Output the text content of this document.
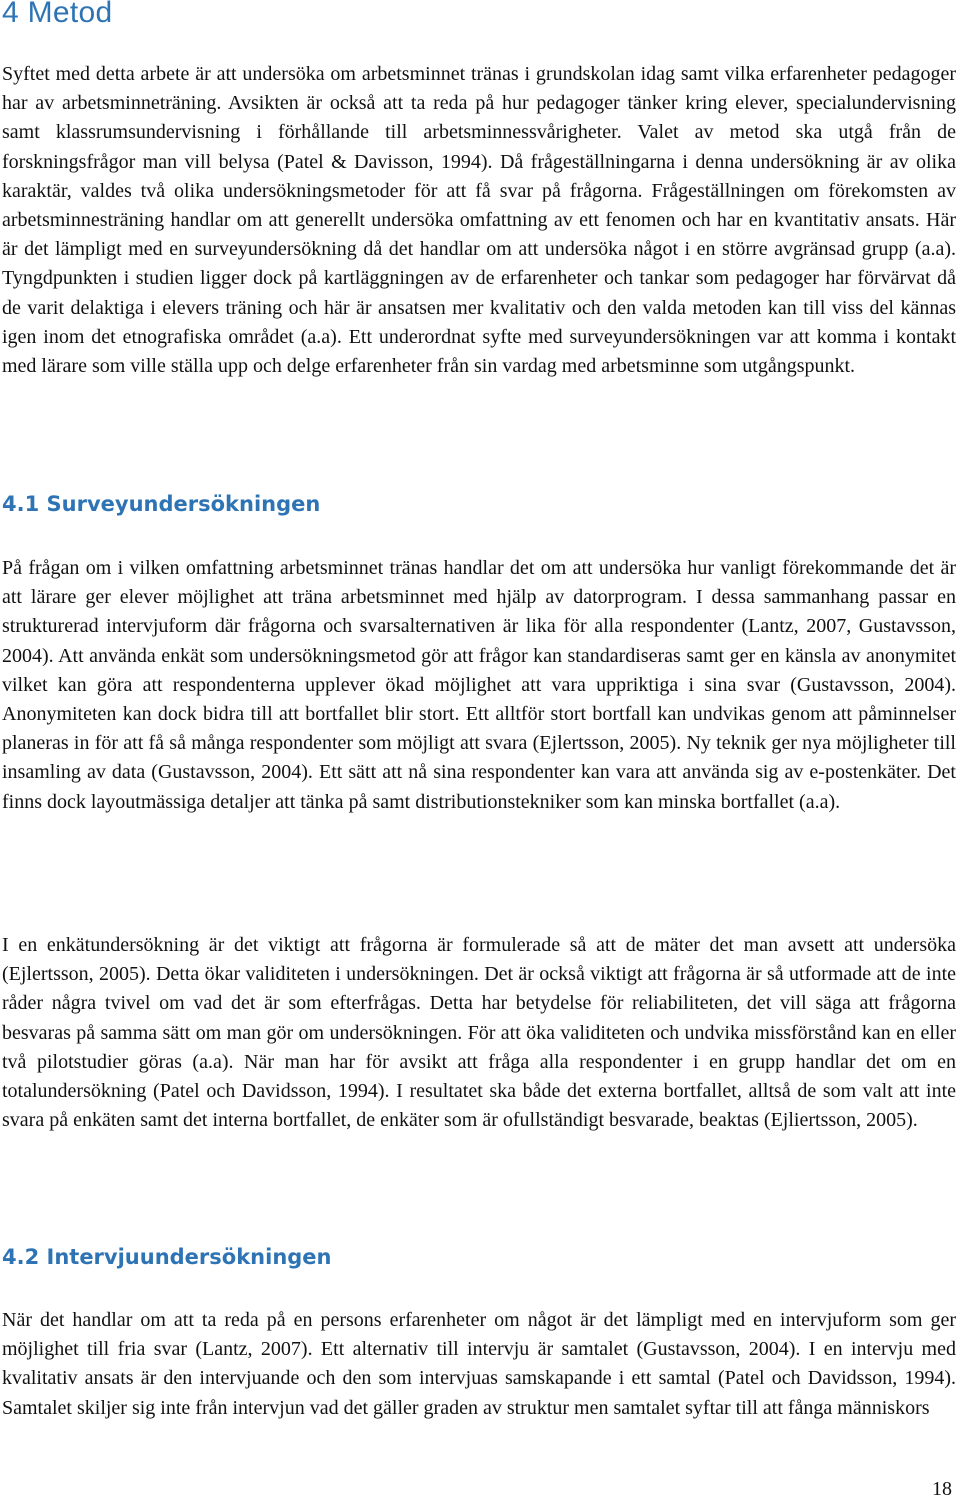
4 Metod

Syftet med detta arbete är att undersöka om arbetsminnet tränas i grundskolan idag samt vilka erfarenheter pedagoger har av arbetsminneträning. Avsikten är också att ta reda på hur pedagoger tänker kring elever, specialundervisning samt klassrumsundervisning i förhållande till arbetsminnessvårigheter. Valet av metod ska utgå från de forskningsfrågor man vill belysa (Patel & Davisson, 1994). Då frågeställningarna i denna undersökning är av olika karaktär, valdes två olika undersökningsmetoder för att få svar på frågorna. Frågeställningen om förekomsten av arbetsminnesträning handlar om att generellt undersöka omfattning av ett fenomen och har en kvantitativ ansats. Här är det lämpligt med en surveyundersökning då det handlar om att undersöka något i en större avgränsad grupp (a.a). Tyngdpunkten i studien ligger dock på kartläggningen av de erfarenheter och tankar som pedagoger har förvärvat då de varit delaktiga i elevers träning och här är ansatsen mer kvalitativ och den valda metoden kan till viss del kännas igen inom det etnografiska området (a.a). Ett underordnat syfte med surveyundersökningen var att komma i kontakt med lärare som ville ställa upp och delge erfarenheter från sin vardag med arbetsminne som utgångspunkt.

4.1 Surveyundersökningen

På frågan om i vilken omfattning arbetsminnet tränas handlar det om att undersöka hur vanligt förekommande det är att lärare ger elever möjlighet att träna arbetsminnet med hjälp av datorprogram. I dessa sammanhang passar en strukturerad intervjuform där frågorna och svarsalternativen är lika för alla respondenter (Lantz, 2007, Gustavsson, 2004). Att använda enkät som undersökningsmetod gör att frågor kan standardiseras samt ger en känsla av anonymitet vilket kan göra att respondenterna upplever ökad möjlighet att vara uppriktiga i sina svar (Gustavsson, 2004). Anonymiteten kan dock bidra till att bortfallet blir stort. Ett alltför stort bortfall kan undvikas genom att påminnelser planeras in för att få så många respondenter som möjligt att svara (Ejlertsson, 2005). Ny teknik ger nya möjligheter till insamling av data (Gustavsson, 2004). Ett sätt att nå sina respondenter kan vara att använda sig av e-postenkäter. Det finns dock layoutmässiga detaljer att tänka på samt distributionstekniker som kan minska bortfallet (a.a).

I en enkätundersökning är det viktigt att frågorna är formulerade så att de mäter det man avsett att undersöka (Ejlertsson, 2005). Detta ökar validiteten i undersökningen. Det är också viktigt att frågorna är så utformade att de inte råder några tvivel om vad det är som efterfrågas. Detta har betydelse för reliabiliteten, det vill säga att frågorna besvaras på samma sätt om man gör om undersökningen. För att öka validiteten och undvika missförstånd kan en eller två pilotstudier göras (a.a). När man har för avsikt att fråga alla respondenter i en grupp handlar det om en totalundersökning (Patel och Davidsson, 1994). I resultatet ska både det externa bortfallet, alltså de som valt att inte svara på enkäten samt det interna bortfallet, de enkäter som är ofullständigt besvarade, beaktas (Ejliertsson, 2005).

4.2 Intervjuundersökningen

När det handlar om att ta reda på en persons erfarenheter om något är det lämpligt med en intervjuform som ger möjlighet till fria svar (Lantz, 2007). Ett alternativ till intervju är samtalet (Gustavsson, 2004). I en intervju med kvalitativ ansats är den intervjuande och den som intervjuas samskapande i ett samtal (Patel och Davidsson, 1994). Samtalet skiljer sig inte från intervjun vad det gäller graden av struktur men samtalet syftar till att fånga människors

18
